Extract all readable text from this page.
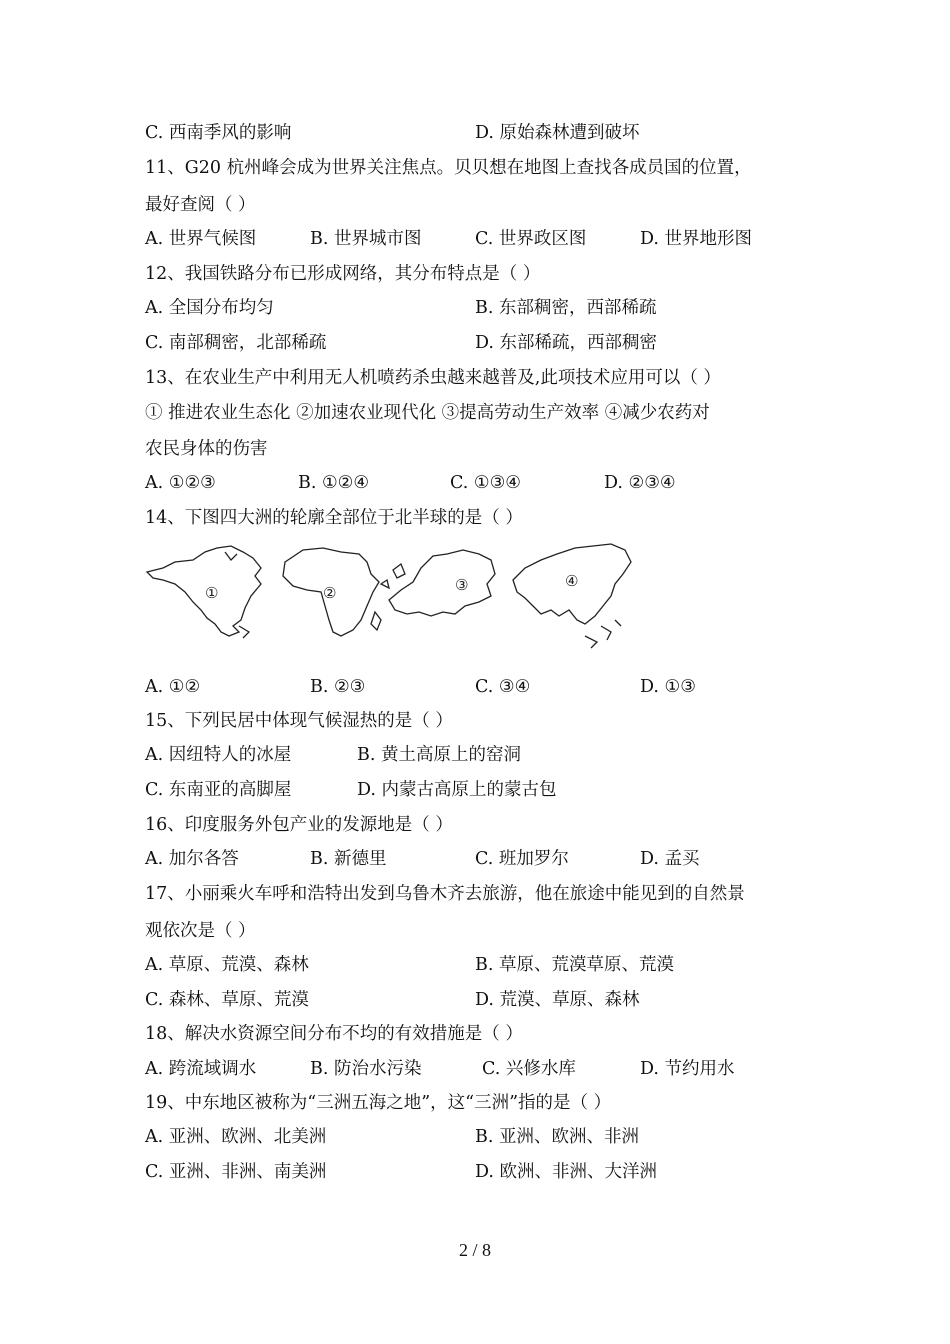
C. 西南季风的影响	D. 原始森林遭到破坏
11、G20 杭州峰会成为世界关注焦点。贝贝想在地图上查找各成员国的位置，
最好查阅（ ）
A. 世界气候图	B. 世界城市图	C. 世界政区图	D. 世界地形图
12、我国铁路分布已形成网络，其分布特点是（ ）
A. 全国分布均匀	B. 东部稠密，西部稀疏
C. 南部稠密，北部稀疏	D. 东部稀疏，西部稠密
13、在农业生产中利用无人机喷药杀虫越来越普及,此项技术应用可以（ ）
① 推进农业生态化 ②加速农业现代化 ③提高劳动生产效率 ④减少农药对
农民身体的伤害
A. ①②③	B. ①②④	C. ①③④	D. ②③④
14、下图四大洲的轮廓全部位于北半球的是（ ）
①	②	③	④
A. ①②	B. ②③	C. ③④	D. ①③
15、下列民居中体现气候湿热的是（ ）
A. 因纽特人的冰屋	B. 黄土高原上的窑洞
C. 东南亚的高脚屋	D. 内蒙古高原上的蒙古包
16、印度服务外包产业的发源地是（ ）
A. 加尔各答	B. 新德里	C. 班加罗尔	D. 孟买
17、小丽乘火车呼和浩特出发到乌鲁木齐去旅游，他在旅途中能见到的自然景
观依次是（ ）
A. 草原、荒漠、森林	B. 草原、荒漠草原、荒漠
C. 森林、草原、荒漠	D. 荒漠、草原、森林
18、解决水资源空间分布不均的有效措施是（ ）
A. 跨流域调水	B. 防治水污染	C. 兴修水库	D. 节约用水
19、中东地区被称为“三洲五海之地”，这“三洲”指的是（ ）
A. 亚洲、欧洲、北美洲	B. 亚洲、欧洲、非洲
C. 亚洲、非洲、南美洲	D. 欧洲、非洲、大洋洲
2 / 8
